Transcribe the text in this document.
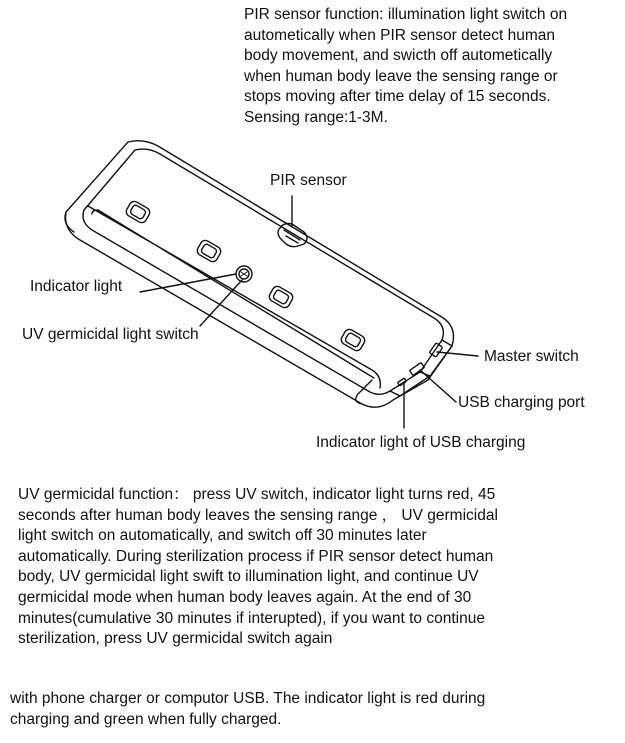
PIR sensor function: illumination light switch on
autometically when PIR sensor detect human
body movement, and swicth off autometically
when human body leave the sensing range or
stops moving after time delay of 15 seconds.
Sensing range:1-3M.
PIR sensor
Indicator light
UV germicidal light switch
Master switch
USB charging port
Indicator light of USB charging
UV germicidal function： press UV switch, indicator light turns red, 45
seconds after human body leaves the sensing range ， UV germicidal
light switch on automatically, and switch off 30 minutes later
automatically. During sterilization process if PIR sensor detect human
body, UV germicidal light swift to illumination light, and continue UV
germicidal mode when human body leaves again. At the end of 30
minutes(cumulative 30 minutes if interupted), if you want to continue
sterilization, press UV germicidal switch again
with phone charger or computor USB. The indicator light is red during
charging and green when fully charged.
